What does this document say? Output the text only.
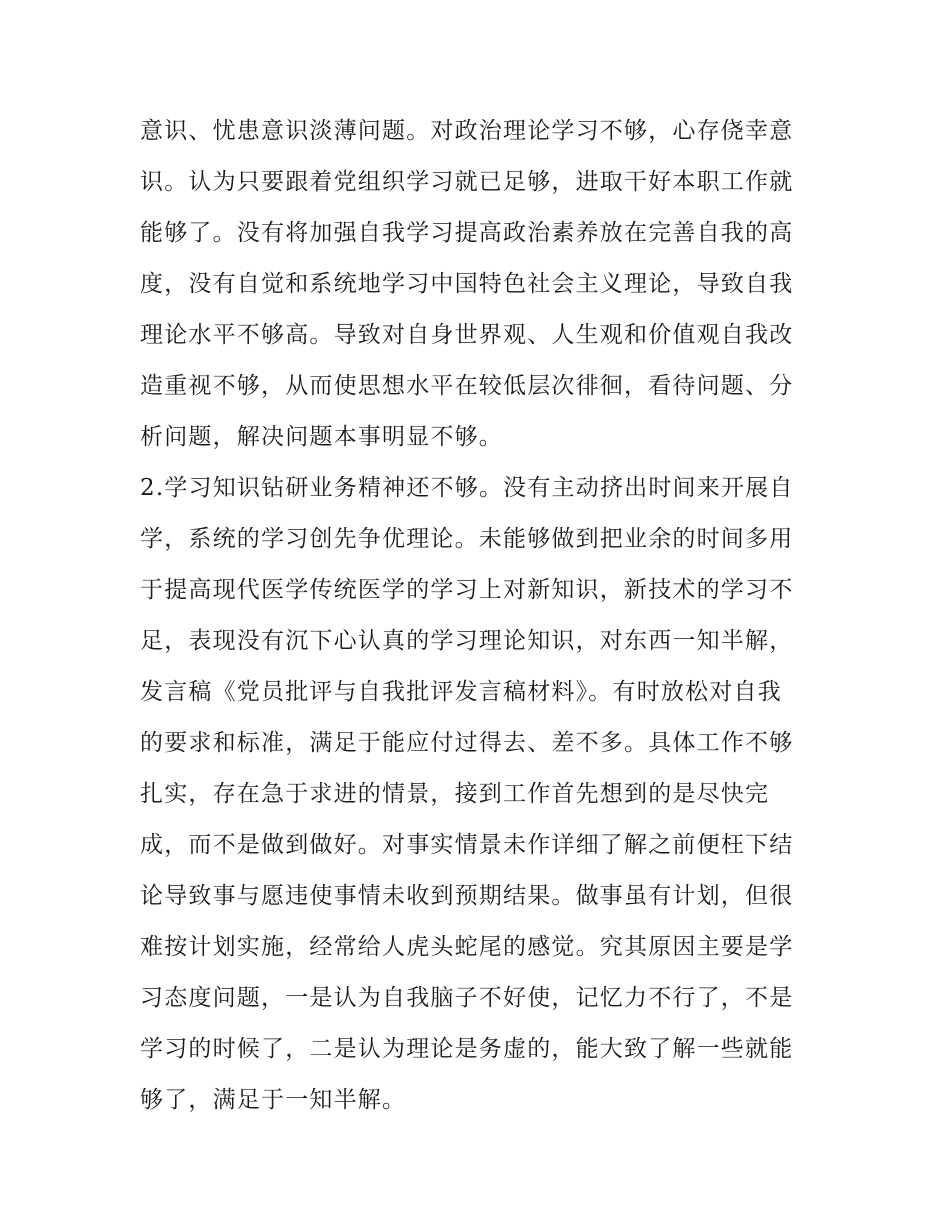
意识、忧患意识淡薄问题。对政治理论学习不够，心存侥幸意
识。认为只要跟着党组织学习就已足够，进取干好本职工作就
能够了。没有将加强自我学习提高政治素养放在完善自我的高
度，没有自觉和系统地学习中国特色社会主义理论，导致自我
理论水平不够高。导致对自身世界观、人生观和价值观自我改
造重视不够，从而使思想水平在较低层次徘徊，看待问题、分
析问题，解决问题本事明显不够。
2.学习知识钻研业务精神还不够。没有主动挤出时间来开展自
学，系统的学习创先争优理论。未能够做到把业余的时间多用
于提高现代医学传统医学的学习上对新知识，新技术的学习不
足，表现没有沉下心认真的学习理论知识，对东西一知半解，
发言稿《党员批评与自我批评发言稿材料》。有时放松对自我
的要求和标准，满足于能应付过得去、差不多。具体工作不够
扎实，存在急于求进的情景，接到工作首先想到的是尽快完
成，而不是做到做好。对事实情景未作详细了解之前便枉下结
论导致事与愿违使事情未收到预期结果。做事虽有计划，但很
难按计划实施，经常给人虎头蛇尾的感觉。究其原因主要是学
习态度问题，一是认为自我脑子不好使，记忆力不行了，不是
学习的时候了，二是认为理论是务虚的，能大致了解一些就能
够了，满足于一知半解。
